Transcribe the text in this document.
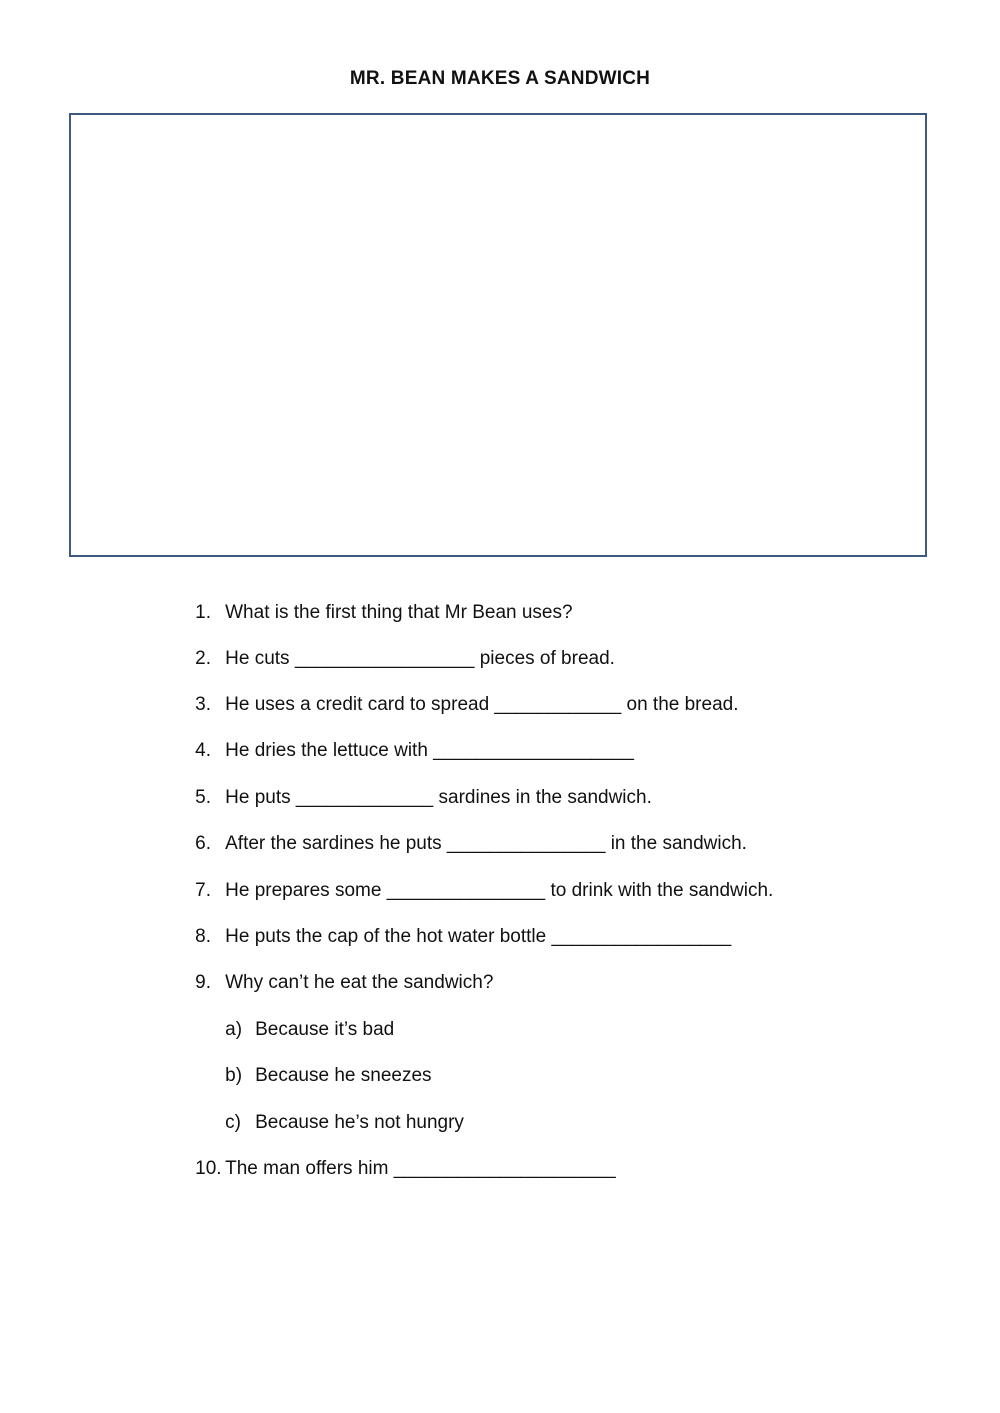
MR. BEAN MAKES A SANDWICH

1. What is the first thing that Mr Bean uses?

2. He cuts _________________ pieces of bread.

3. He uses a credit card to spread ____________ on the bread.

4. He dries the lettuce with ___________________

5. He puts _____________ sardines in the sandwich.

6. After the sardines he puts _______________ in the sandwich.

7. He prepares some _______________ to drink with the sandwich.

8. He puts the cap of the hot water bottle _________________

9. Why can’t he eat the sandwich?

a) Because it’s bad

b) Because he sneezes

c) Because he’s not hungry

10. The man offers him _____________________
